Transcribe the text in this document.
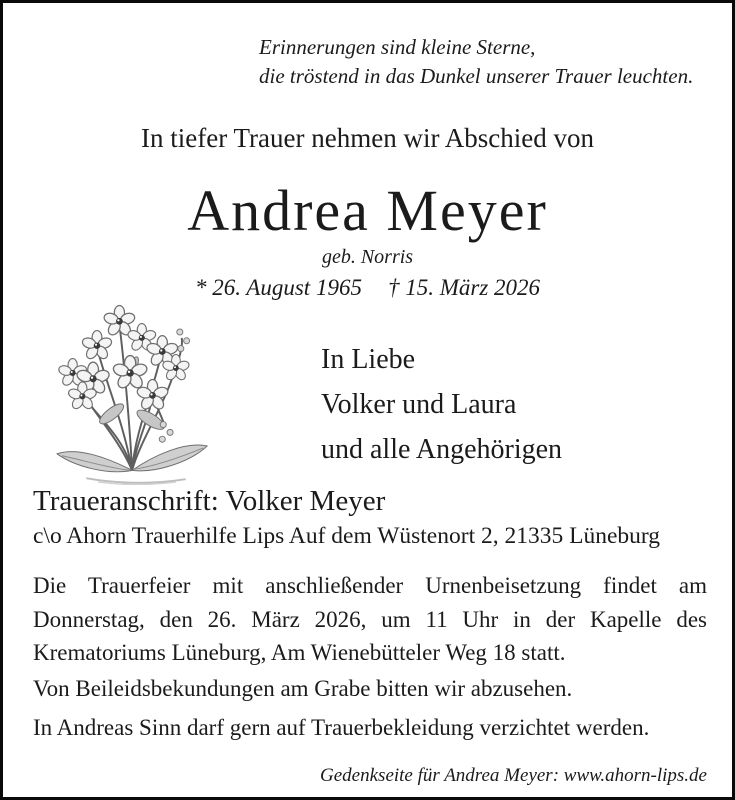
Erinnerungen sind kleine Sterne,
die tröstend in das Dunkel unserer Trauer leuchten.
In tiefer Trauer nehmen wir Abschied von
Andrea Meyer
geb. Norris
* 26. August 1965 † 15. März 2026
In Liebe
Volker und Laura
und alle Angehörigen
Traueranschrift: Volker Meyer
c\o Ahorn Trauerhilfe Lips Auf dem Wüstenort 2, 21335 Lüneburg
Die Trauerfeier mit anschließender Urnenbeisetzung findet am
Donnerstag, den 26. März 2026, um 11 Uhr in der Kapelle des
Krematoriums Lüneburg, Am Wienebütteler Weg 18 statt.
Von Beileidsbekundungen am Grabe bitten wir abzusehen.
In Andreas Sinn darf gern auf Trauerbekleidung verzichtet werden.
Gedenkseite für Andrea Meyer: www.ahorn-lips.de
